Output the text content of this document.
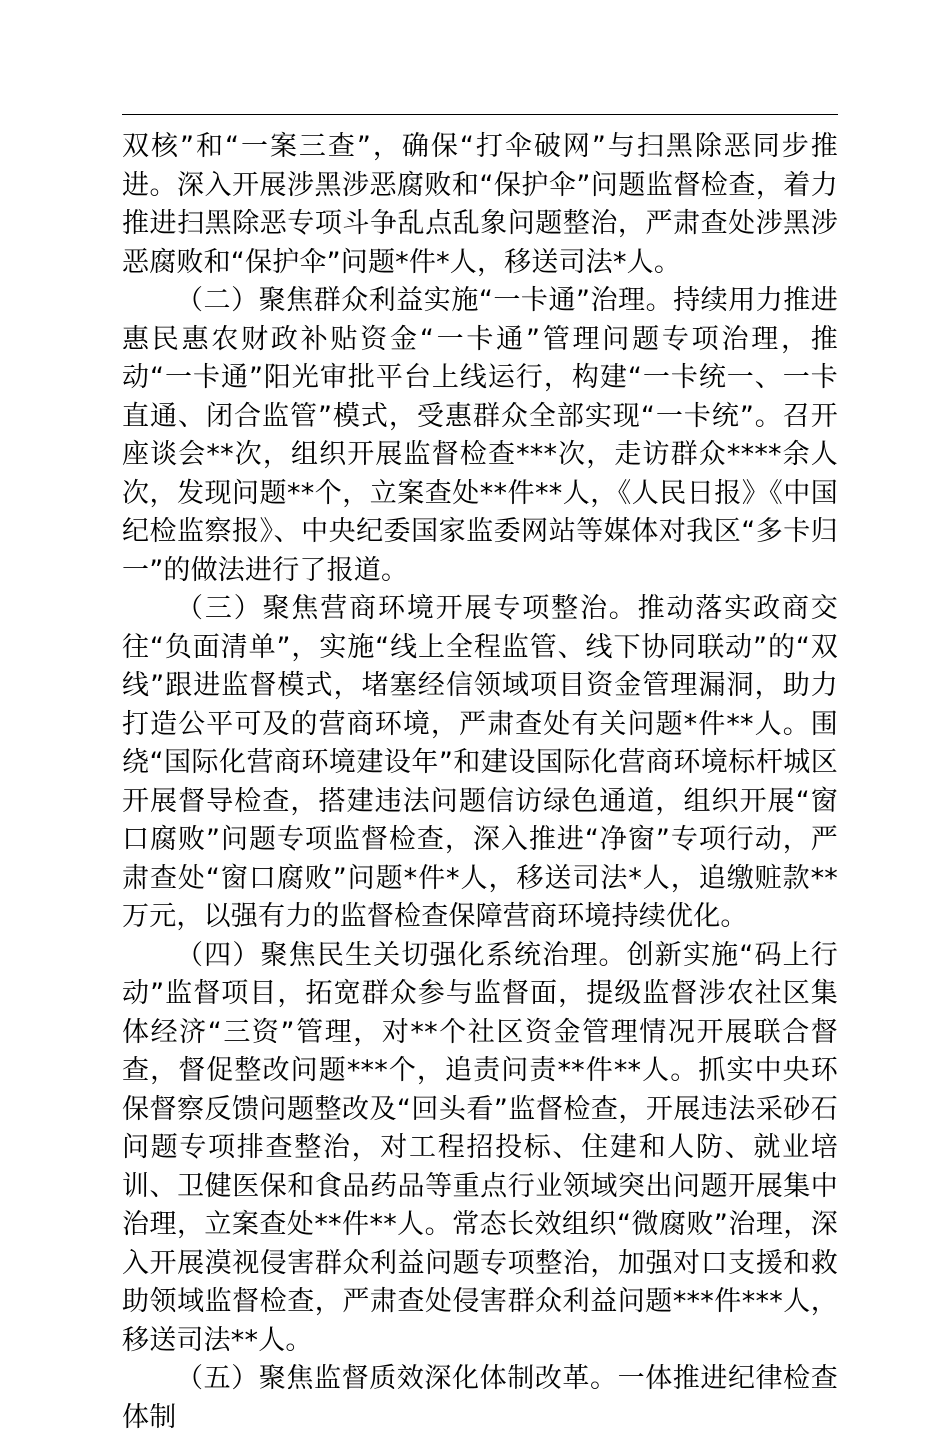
双核”和“一案三查”，确保“打伞破网”与扫黑除恶同步推进。深入开展涉黑涉恶腐败和“保护伞”问题监督检查，着力推进扫黑除恶专项斗争乱点乱象问题整治，严肃查处涉黑涉恶腐败和“保护伞”问题*件*人，移送司法*人。

（二）聚焦群众利益实施“一卡通”治理。持续用力推进惠民惠农财政补贴资金“一卡通”管理问题专项治理，推动“一卡通”阳光审批平台上线运行，构建“一卡统一、一卡直通、闭合监管”模式，受惠群众全部实现“一卡统”。召开座谈会**次，组织开展监督检查***次，走访群众****余人次，发现问题**个，立案查处**件**人，《人民日报》《中国纪检监察报》、中央纪委国家监委网站等媒体对我区“多卡归一”的做法进行了报道。

（三）聚焦营商环境开展专项整治。推动落实政商交往“负面清单”，实施“线上全程监管、线下协同联动”的“双线”跟进监督模式，堵塞经信领域项目资金管理漏洞，助力打造公平可及的营商环境，严肃查处有关问题*件**人。围绕“国际化营商环境建设年”和建设国际化营商环境标杆城区开展督导检查，搭建违法问题信访绿色通道，组织开展“窗口腐败”问题专项监督检查，深入推进“净窗”专项行动，严肃查处“窗口腐败”问题*件*人，移送司法*人，追缴赃款**万元，以强有力的监督检查保障营商环境持续优化。

（四）聚焦民生关切强化系统治理。创新实施“码上行动”监督项目，拓宽群众参与监督面，提级监督涉农社区集体经济“三资”管理，对**个社区资金管理情况开展联合督查，督促整改问题***个，追责问责**件**人。抓实中央环保督察反馈问题整改及“回头看”监督检查，开展违法采砂石问题专项排查整治，对工程招投标、住建和人防、就业培训、卫健医保和食品药品等重点行业领域突出问题开展集中治理，立案查处**件**人。常态长效组织“微腐败”治理，深入开展漠视侵害群众利益问题专项整治，加强对口支援和救助领域监督检查，严肃查处侵害群众利益问题***件***人，移送司法**人。

（五）聚焦监督质效深化体制改革。一体推进纪律检查体制
